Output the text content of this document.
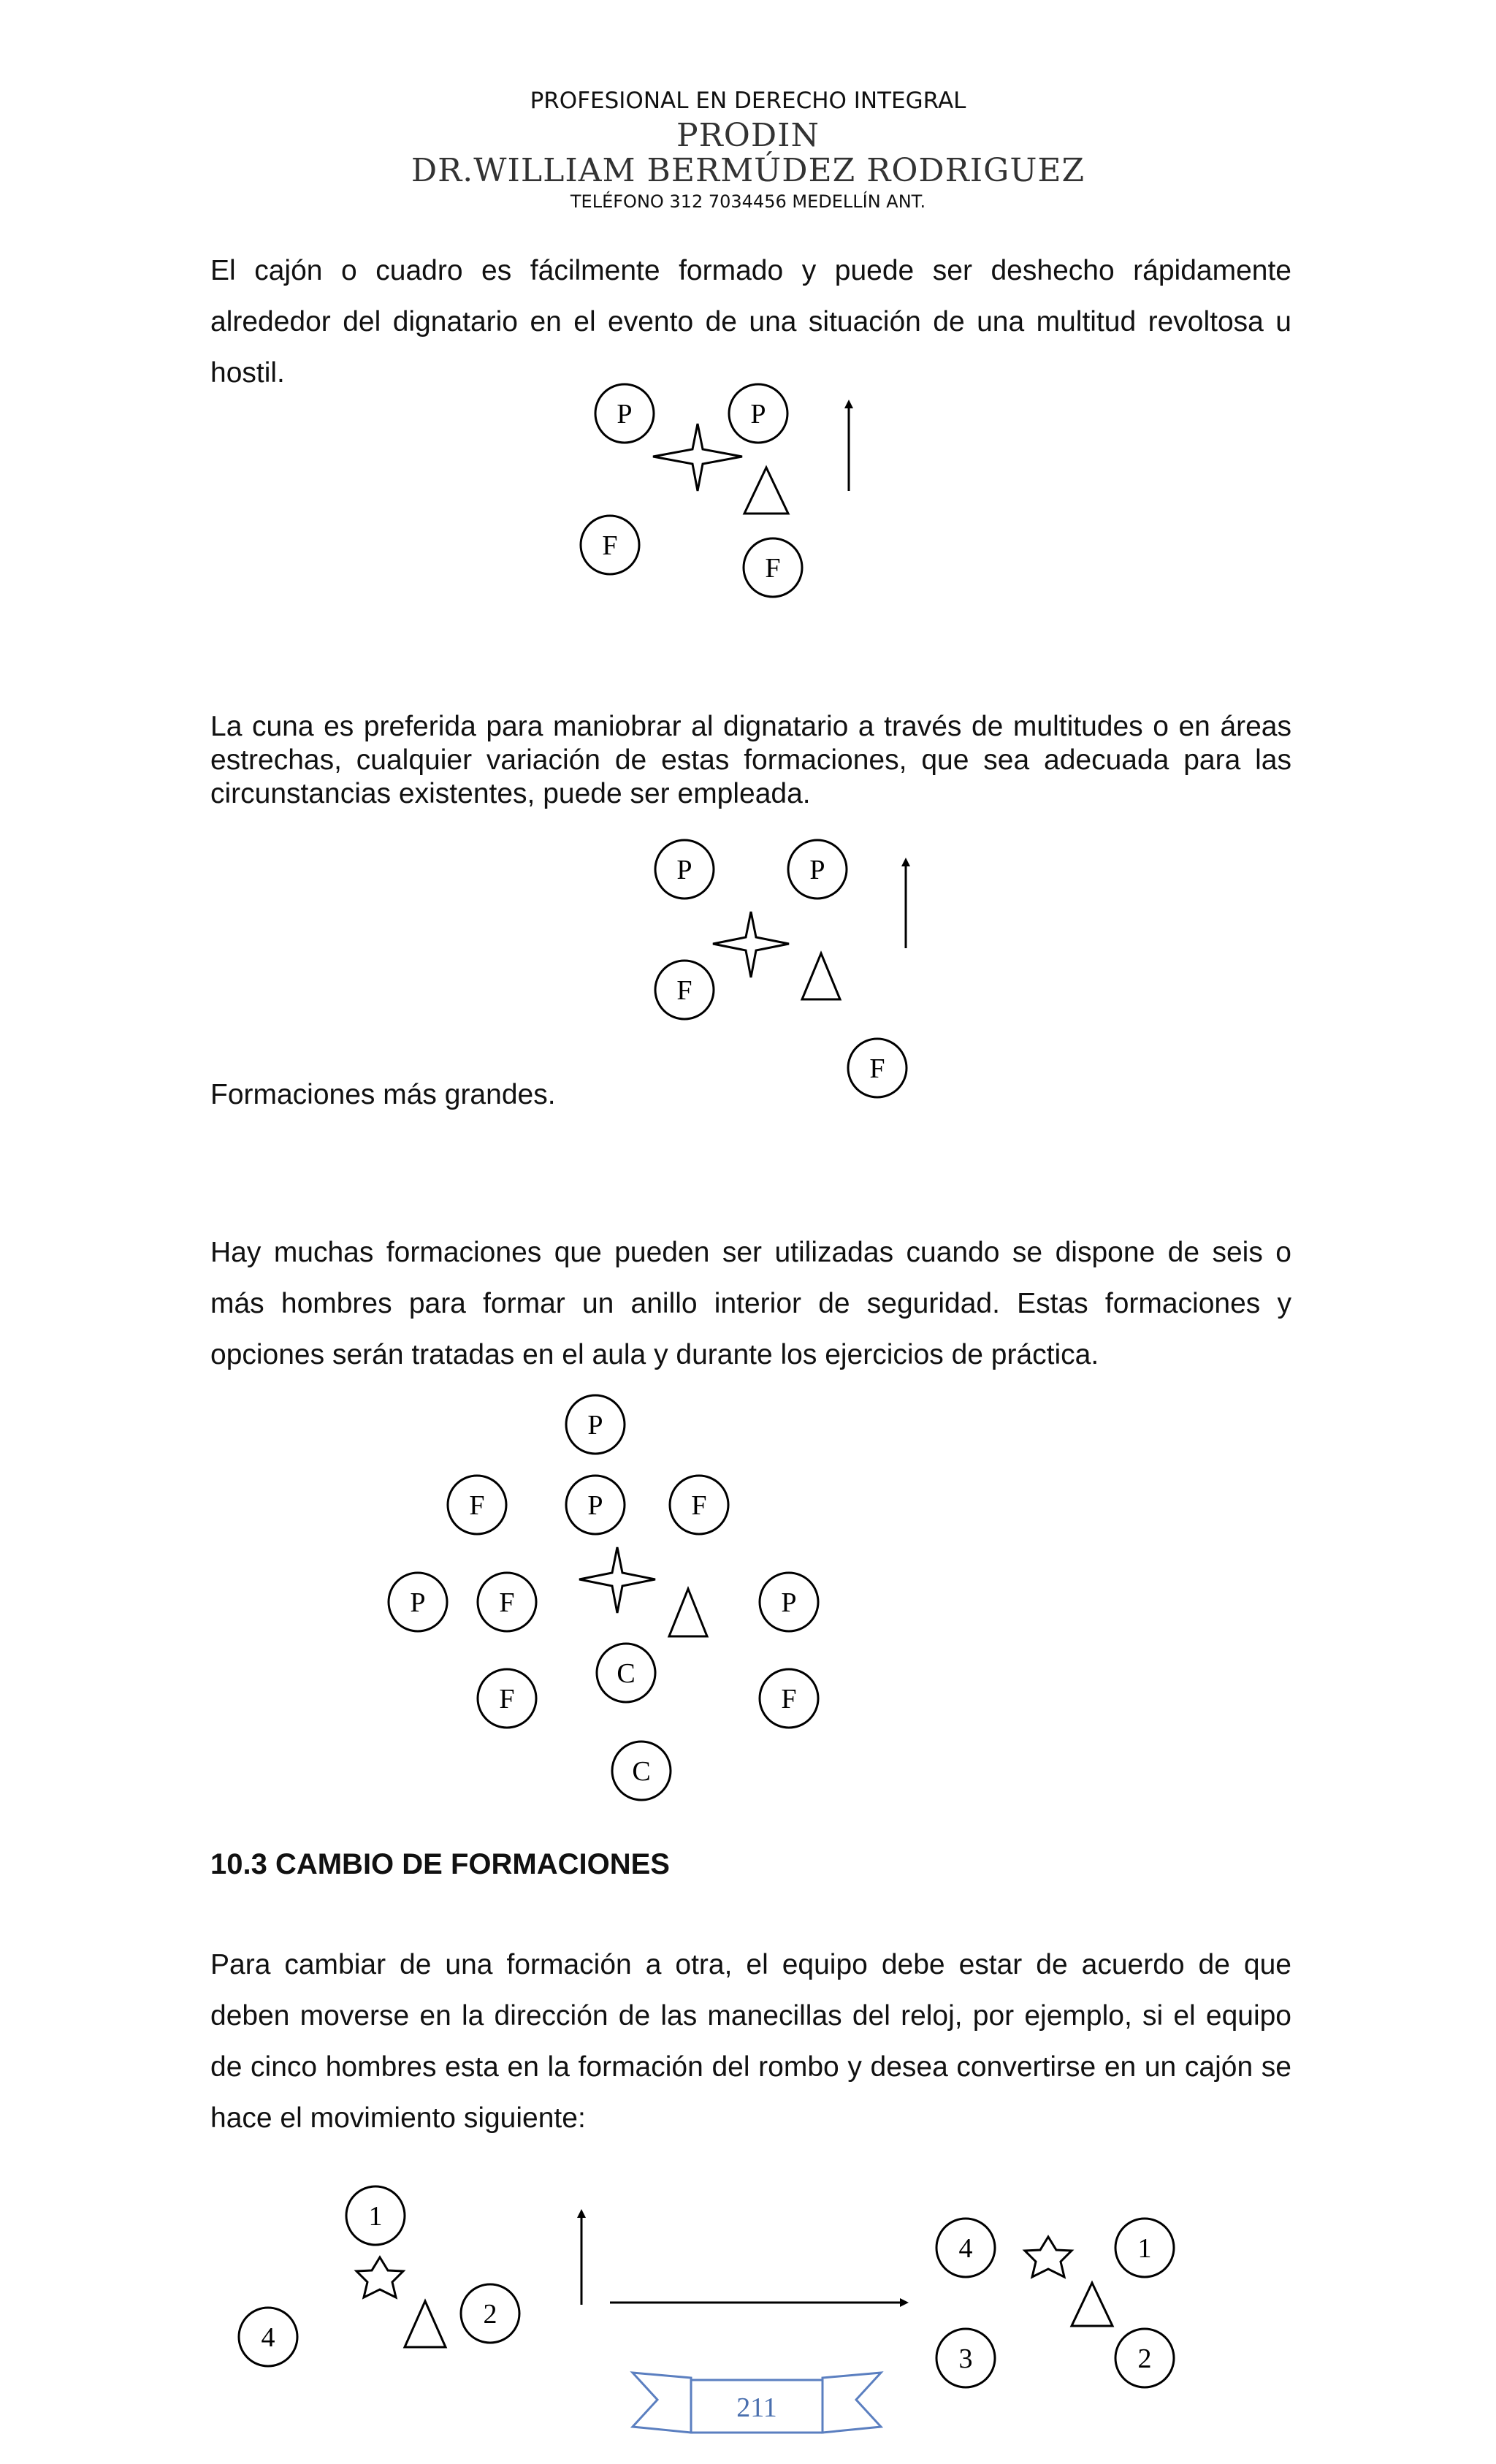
PROFESIONAL EN DERECHO INTEGRAL
PRODIN
DR.WILLIAM BERMÚDEZ RODRIGUEZ
TELÉFONO 312 7034456 MEDELLÍN ANT.
El cajón o cuadro es fácilmente formado y puede ser deshecho rápidamente alrededor del dignatario en el evento de una situación de una multitud revoltosa u hostil.
La cuna es preferida para maniobrar al dignatario a través de multitudes o en áreas estrechas, cualquier variación de estas formaciones, que sea adecuada para las circunstancias existentes, puede ser empleada.
Formaciones más grandes.
Hay muchas formaciones que pueden ser utilizadas cuando se dispone de seis o más hombres para formar un anillo interior de seguridad. Estas formaciones y opciones serán tratadas en el aula y durante los ejercicios de práctica.
10.3 CAMBIO DE FORMACIONES
Para cambiar de una formación a otra, el equipo debe estar de acuerdo de que deben moverse en la dirección de las manecillas del reloj, por ejemplo, si el equipo de cinco hombres esta en la formación del rombo y desea convertirse en un cajón se hace el movimiento siguiente:
P	P
F
F
P	P
F
F
P
F	P	F
P	F	P
C
F	F
C
1
2
4
4	1
3	2
211
